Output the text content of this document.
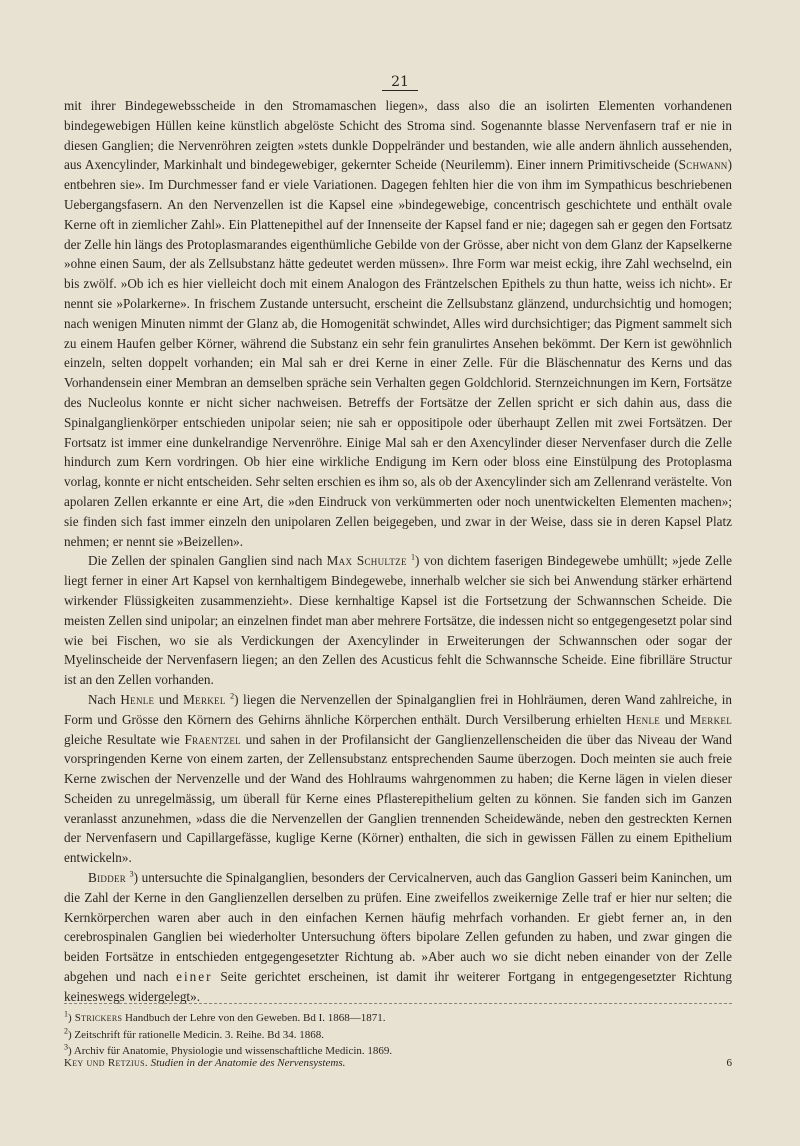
21

mit ihrer Bindegewebsscheide in den Stromamaschen liegen», dass also die an isolirten Elementen vorhandenen bindegewebigen Hüllen keine künstlich abgelöste Schicht des Stroma sind. Sogenannte blasse Nervenfasern traf er nie in diesen Ganglien; die Nervenröhren zeigten »stets dunkle Doppelränder und bestanden, wie alle andern ähnlich aussehenden, aus Axencylinder, Markinhalt und bindegewebiger, gekernter Scheide (Neurilemm). Einer innern Primitivscheide (Schwann) entbehren sie». Im Durchmesser fand er viele Variationen. Dagegen fehlten hier die von ihm im Sympathicus beschriebenen Uebergangsfasern. An den Nervenzellen ist die Kapsel eine »bindegewebige, concentrisch geschichtete und enthält ovale Kerne oft in ziemlicher Zahl». Ein Plattenepithel auf der Innenseite der Kapsel fand er nie; dagegen sah er gegen den Fortsatz der Zelle hin längs des Protoplasmarandes eigenthümliche Gebilde von der Grösse, aber nicht von dem Glanz der Kapselkerne »ohne einen Saum, der als Zellsubstanz hätte gedeutet werden müssen». Ihre Form war meist eckig, ihre Zahl wechselnd, ein bis zwölf. »Ob ich es hier vielleicht doch mit einem Analogon des Fräntzelschen Epithels zu thun hatte, weiss ich nicht». Er nennt sie »Polarkerne». In frischem Zustande untersucht, erscheint die Zellsubstanz glänzend, undurchsichtig und homogen; nach wenigen Minuten nimmt der Glanz ab, die Homogenität schwindet, Alles wird durchsichtiger; das Pigment sammelt sich zu einem Haufen gelber Körner, während die Substanz ein sehr fein granulirtes Ansehen bekömmt. Der Kern ist gewöhnlich einzeln, selten doppelt vorhanden; ein Mal sah er drei Kerne in einer Zelle. Für die Bläschennatur des Kerns und das Vorhandensein einer Membran an demselben spräche sein Verhalten gegen Goldchlorid. Sternzeichnungen im Kern, Fortsätze des Nucleolus konnte er nicht sicher nachweisen. Betreffs der Fortsätze der Zellen spricht er sich dahin aus, dass die Spinalganglienkörper entschieden unipolar seien; nie sah er oppositipole oder überhaupt Zellen mit zwei Fortsätzen. Der Fortsatz ist immer eine dunkelrandige Nervenröhre. Einige Mal sah er den Axencylinder dieser Nervenfaser durch die Zelle hindurch zum Kern vordringen. Ob hier eine wirkliche Endigung im Kern oder bloss eine Einstülpung des Protoplasma vorlag, konnte er nicht entscheiden. Sehr selten erschien es ihm so, als ob der Axencylinder sich am Zellenrand verästelte. Von apolaren Zellen erkannte er eine Art, die »den Eindruck von verkümmerten oder noch unentwickelten Elementen machen»; sie finden sich fast immer einzeln den unipolaren Zellen beigegeben, und zwar in der Weise, dass sie in deren Kapsel Platz nehmen; er nennt sie »Beizellen».

Die Zellen der spinalen Ganglien sind nach Max Schultze $^1$) von dichtem faserigen Bindegewebe umhüllt; »jede Zelle liegt ferner in einer Art Kapsel von kernhaltigem Bindegewebe, innerhalb welcher sie sich bei Anwendung stärker erhärtend wirkender Flüssigkeiten zusammenzieht». Diese kernhaltige Kapsel ist die Fortsetzung der Schwannschen Scheide. Die meisten Zellen sind unipolar; an einzelnen findet man aber mehrere Fortsätze, die indessen nicht so entgegengesetzt polar sind wie bei Fischen, wo sie als Verdickungen der Axencylinder in Erweiterungen der Schwannschen oder sogar der Myelinscheide der Nervenfasern liegen; an den Zellen des Acusticus fehlt die Schwannsche Scheide. Eine fibrilläre Structur ist an den Zellen vorhanden.

Nach Henle und Merkel $^2$) liegen die Nervenzellen der Spinalganglien frei in Hohlräumen, deren Wand zahlreiche, in Form und Grösse den Körnern des Gehirns ähnliche Körperchen enthält. Durch Versilberung erhielten Henle und Merkel gleiche Resultate wie Fraentzel und sahen in der Profilansicht der Ganglienzellenscheiden die über das Niveau der Wand vorspringenden Kerne von einem zarten, der Zellensubstanz entsprechenden Saume überzogen. Doch meinten sie auch freie Kerne zwischen der Nervenzelle und der Wand des Hohlraums wahrgenommen zu haben; die Kerne lägen in vielen dieser Scheiden zu unregelmässig, um überall für Kerne eines Pflasterepithelium gelten zu können. Sie fanden sich im Ganzen veranlasst anzunehmen, »dass die die Nervenzellen der Ganglien trennenden Scheidewände, neben den gestreckten Kernen der Nervenfasern und Capillargefässe, kuglige Kerne (Körner) enthalten, die sich in gewissen Fällen zu einem Epithelium entwickeln».

Bidder $^3$) untersuchte die Spinalganglien, besonders der Cervicalnerven, auch das Ganglion Gasseri beim Kaninchen, um die Zahl der Kerne in den Ganglienzellen derselben zu prüfen. Eine zweifellos zweikernige Zelle traf er hier nur selten; die Kernkörperchen waren aber auch in den einfachen Kernen häufig mehrfach vorhanden. Er giebt ferner an, in den cerebrospinalen Ganglien bei wiederholter Untersuchung öfters bipolare Zellen gefunden zu haben, und zwar gingen die beiden Fortsätze in entschieden entgegengesetzter Richtung ab. »Aber auch wo sie dicht neben einander von der Zelle abgehen und nach einer Seite gerichtet erscheinen, ist damit ihr weiterer Fortgang in entgegengesetzter Richtung keineswegs widergelegt».

$^1$) Strickers Handbuch der Lehre von den Geweben. Bd I. 1868—1871.
$^2$) Zeitschrift für rationelle Medicin. 3. Reihe. Bd 34. 1868.
$^3$) Archiv für Anatomie, Physiologie und wissenschaftliche Medicin. 1869.
Key und Retzius. Studien in der Anatomie des Nervensystems.	6
